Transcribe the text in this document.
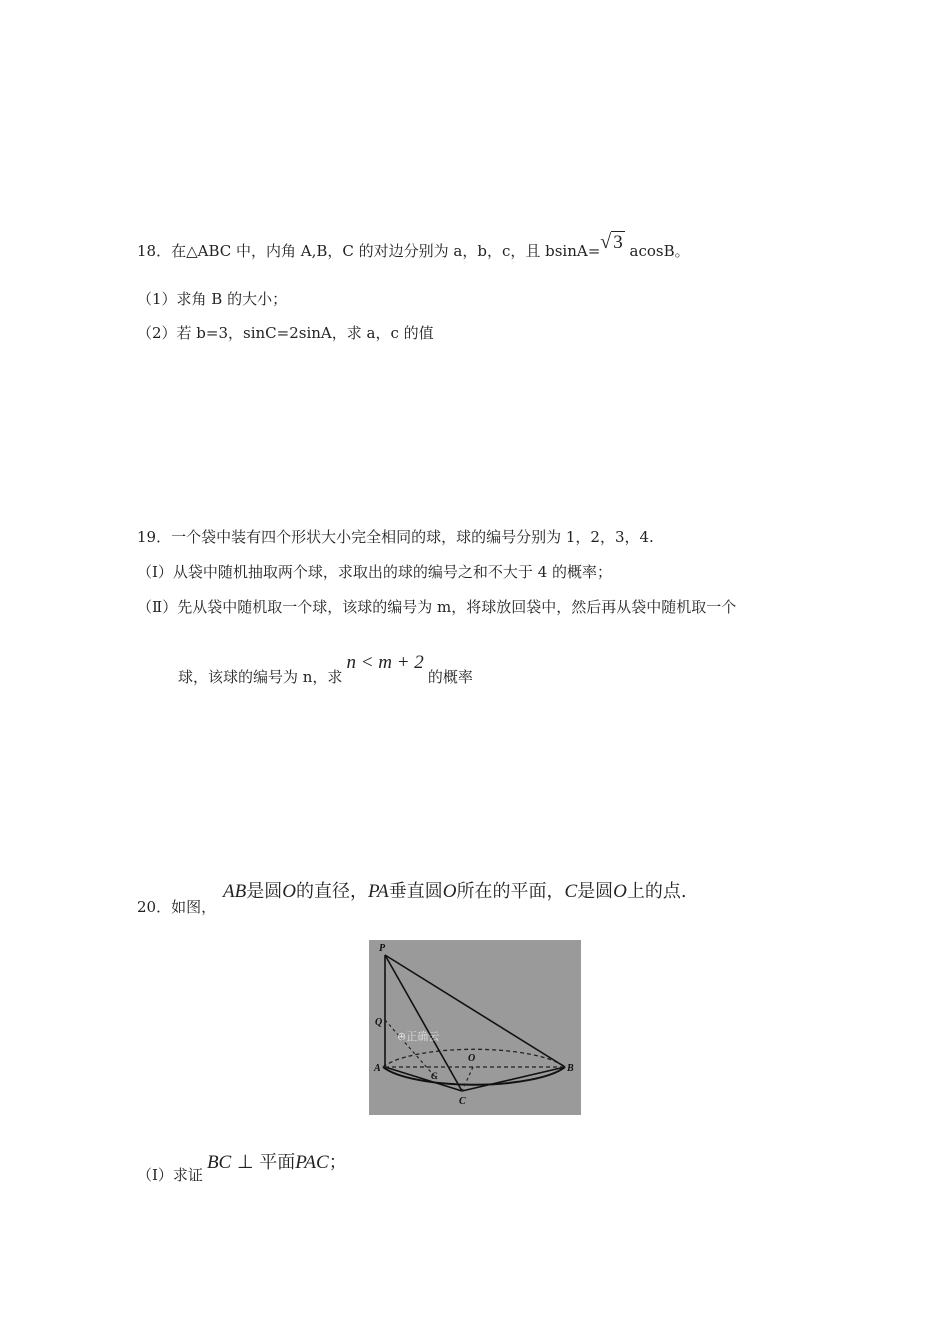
18．在△ABC 中，内角 A,B，C 的对边分别为 a，b，c，且 bsinA=√ 3 acosB。
（1）求角 B 的大小；
（2）若 b=3，sinC=2sinA，求 a，c 的值
19．一个袋中装有四个形状大小完全相同的球，球的编号分别为 1，2，3，4.
（Ⅰ）从袋中随机抽取两个球，求取出的球的编号之和不大于 4 的概率；
（Ⅱ）先从袋中随机取一个球，该球的编号为 m，将球放回袋中，然后再从袋中随机取一个
球，该球的编号为 n，求n < m + 2的概率
20．如图，
AB是圆O的直径，PA垂直圆O所在的平面，C是圆O上的点.
P
Q
A	B
O
C
G
⊕正确云
（Ⅰ）求证BC ⊥ 平面PAC；
